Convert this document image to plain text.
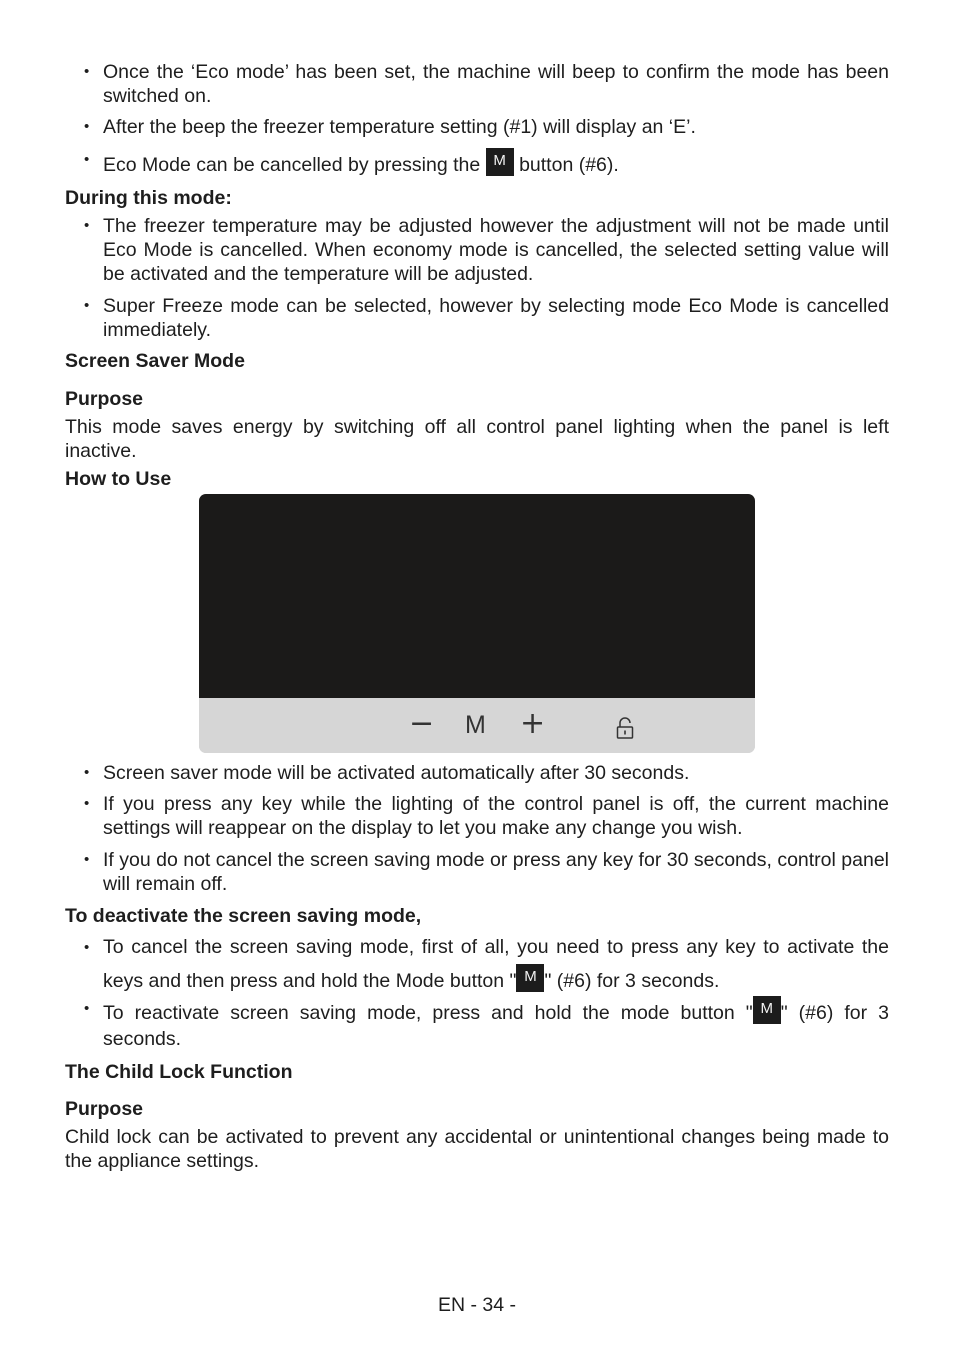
• Once the ‘Eco mode’ has been set, the machine will beep to confirm the mode has been switched on.

• After the beep the freezer temperature setting (#1) will display an ‘E’.

• Eco Mode can be cancelled by pressing the M button (#6).

During this mode:

• The freezer temperature may be adjusted however the adjustment will not be made until Eco Mode is cancelled. When economy mode is cancelled, the selected setting value will be activated and the temperature will be adjusted.

• Super Freeze mode can be selected, however by selecting mode Eco Mode is cancelled immediately.

Screen Saver Mode

Purpose

This mode saves energy by switching off all control panel lighting when the panel is left inactive.

How to Use

− M +

• Screen saver mode will be activated automatically after 30 seconds.

• If you press any key while the lighting of the control panel is off, the current machine settings will reappear on the display to let you make any change you wish.

• If you do not cancel the screen saving mode or press any key for 30 seconds, control panel will remain off.

To deactivate the screen saving mode,

• To cancel the screen saving mode, first of all, you need to press any key to activate the keys and then press and hold the Mode button " M " (#6) for 3 seconds.

• To reactivate screen saving mode, press and hold the mode button " M " (#6) for 3 seconds.

The Child Lock Function

Purpose

Child lock can be activated to prevent any accidental or unintentional changes being made to the appliance settings.

EN - 34 -
